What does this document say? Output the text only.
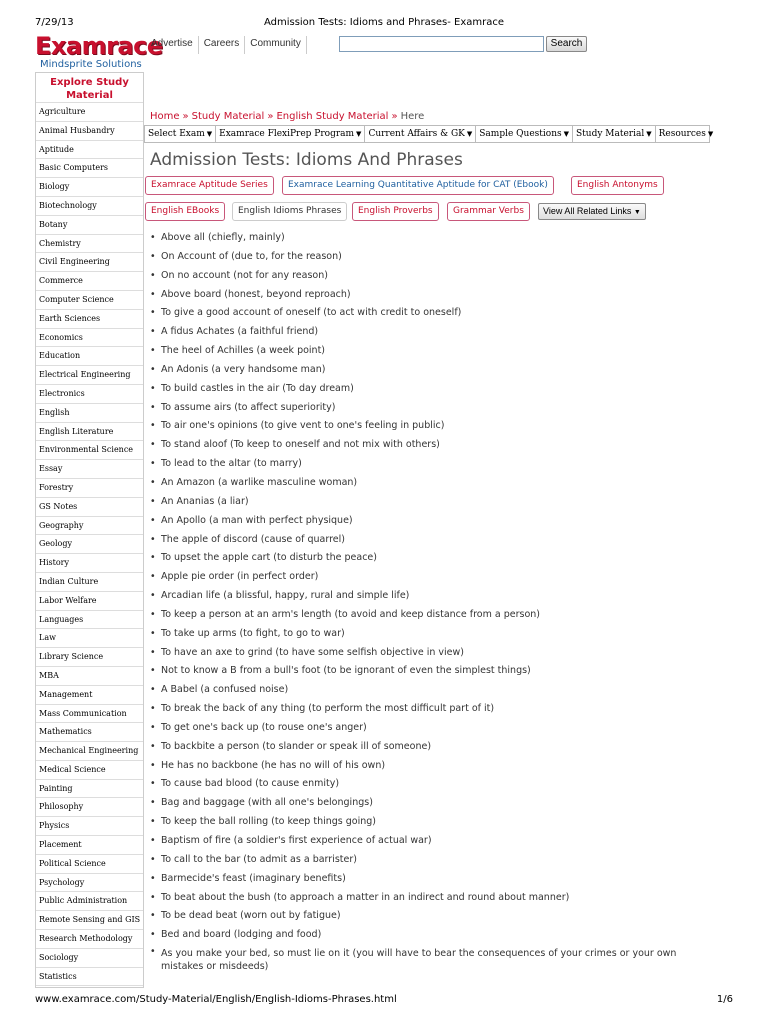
7/29/13	Admission Tests: Idioms and Phrases- Examrace
Examrace
Mindsprite Solutions
Advertise	Careers	Community	Search
Explore Study Material
Agriculture
Animal Husbandry
Aptitude
Basic Computers
Biology
Biotechnology
Botany
Chemistry
Civil Engineering
Commerce
Computer Science
Earth Sciences
Economics
Education
Electrical Engineering
Electronics
English
English Literature
Environmental Science
Essay
Forestry
GS Notes
Geography
Geology
History
Indian Culture
Labor Welfare
Languages
Law
Library Science
MBA
Management
Mass Communication
Mathematics
Mechanical Engineering
Medical Science
Painting
Philosophy
Physics
Placement
Political Science
Psychology
Public Administration
Remote Sensing and GIS
Research Methodology
Sociology
Statistics
Home » Study Material » English Study Material » Here
Select Exam ▼ Examrace FlexiPrep Program ▼ Current Affairs & GK ▼ Sample Questions ▼ Study Material ▼ Resources ▼
Admission Tests: Idioms And Phrases
Examrace Aptitude Series	Examrace Learning Quantitative Aptitude for CAT (Ebook)	English Antonyms
English EBooks	English Idioms Phrases	English Proverbs	Grammar Verbs	View All Related Links ▼
• Above all (chiefly, mainly)
• On Account of (due to, for the reason)
• On no account (not for any reason)
• Above board (honest, beyond reproach)
• To give a good account of oneself (to act with credit to oneself)
• A fidus Achates (a faithful friend)
• The heel of Achilles (a week point)
• An Adonis (a very handsome man)
• To build castles in the air (To day dream)
• To assume airs (to affect superiority)
• To air one's opinions (to give vent to one's feeling in public)
• To stand aloof (To keep to oneself and not mix with others)
• To lead to the altar (to marry)
• An Amazon (a warlike masculine woman)
• An Ananias (a liar)
• An Apollo (a man with perfect physique)
• The apple of discord (cause of quarrel)
• To upset the apple cart (to disturb the peace)
• Apple pie order (in perfect order)
• Arcadian life (a blissful, happy, rural and simple life)
• To keep a person at an arm's length (to avoid and keep distance from a person)
• To take up arms (to fight, to go to war)
• To have an axe to grind (to have some selfish objective in view)
• Not to know a B from a bull's foot (to be ignorant of even the simplest things)
• A Babel (a confused noise)
• To break the back of any thing (to perform the most difficult part of it)
• To get one's back up (to rouse one's anger)
• To backbite a person (to slander or speak ill of someone)
• He has no backbone (he has no will of his own)
• To cause bad blood (to cause enmity)
• Bag and baggage (with all one's belongings)
• To keep the ball rolling (to keep things going)
• Baptism of fire (a soldier's first experience of actual war)
• To call to the bar (to admit as a barrister)
• Barmecide's feast (imaginary benefits)
• To beat about the bush (to approach a matter in an indirect and round about manner)
• To be dead beat (worn out by fatigue)
• Bed and board (lodging and food)
• As you make your bed, so must lie on it (you will have to bear the consequences of your crimes or your own mistakes or misdeeds)
www.examrace.com/Study-Material/English/English-Idioms-Phrases.html	1/6
